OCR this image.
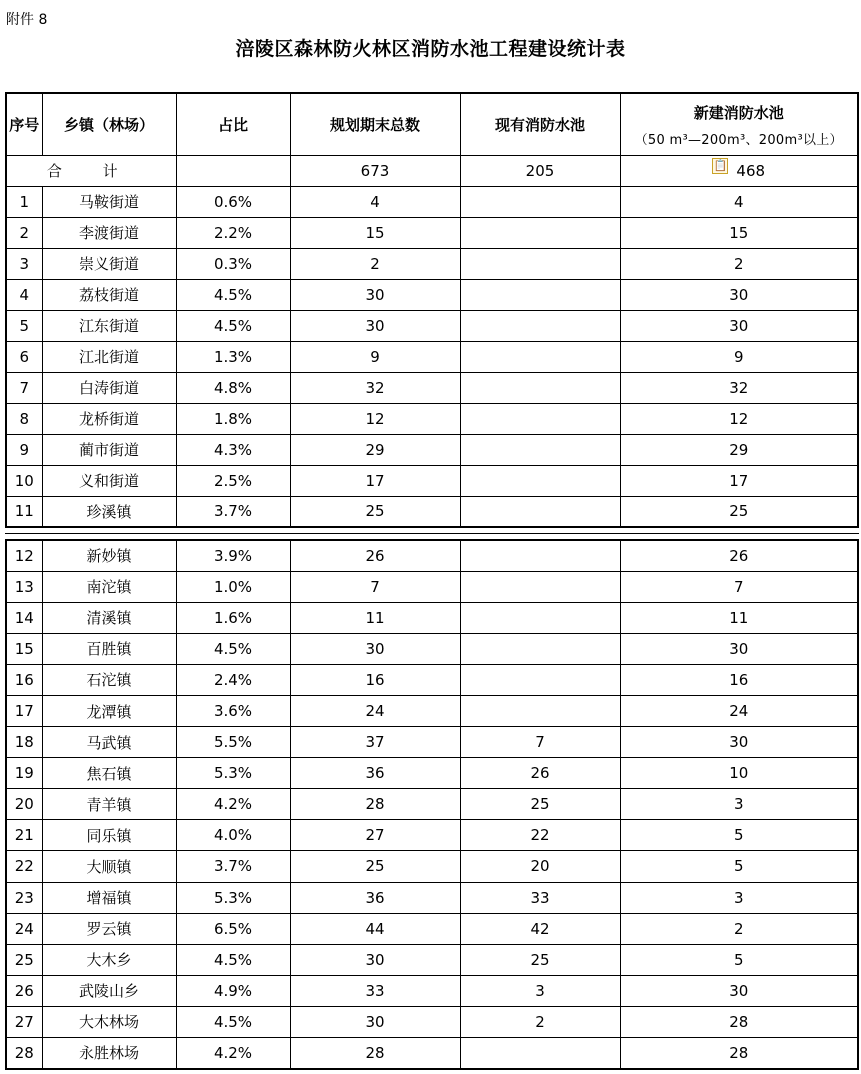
附件 8
涪陵区森林防火林区消防水池工程建设统计表
序号	乡镇（林场）	占比	规划期末总数	现有消防水池	新建消防水池
（50 m³—200m³、200m³以上）

合 计			673	205	📋 468
1	马鞍街道	0.6%	4		4
2	李渡街道	2.2%	15		15
3	崇义街道	0.3%	2		2
4	荔枝街道	4.5%	30		30
5	江东街道	4.5%	30		30
6	江北街道	1.3%	9		9
7	白涛街道	4.8%	32		32
8	龙桥街道	1.8%	12		12
9	蔺市街道	4.3%	29		29
10	义和街道	2.5%	17		17
11	珍溪镇	3.7%	25		25
12	新妙镇	3.9%	26		26
13	南沱镇	1.0%	7		7
14	清溪镇	1.6%	11		11
15	百胜镇	4.5%	30		30
16	石沱镇	2.4%	16		16
17	龙潭镇	3.6%	24		24
18	马武镇	5.5%	37	7	30
19	焦石镇	5.3%	36	26	10
20	青羊镇	4.2%	28	25	3
21	同乐镇	4.0%	27	22	5
22	大顺镇	3.7%	25	20	5
23	增福镇	5.3%	36	33	3
24	罗云镇	6.5%	44	42	2
25	大木乡	4.5%	30	25	5
26	武陵山乡	4.9%	33	3	30
27	大木林场	4.5%	30	2	28
28	永胜林场	4.2%	28		28
